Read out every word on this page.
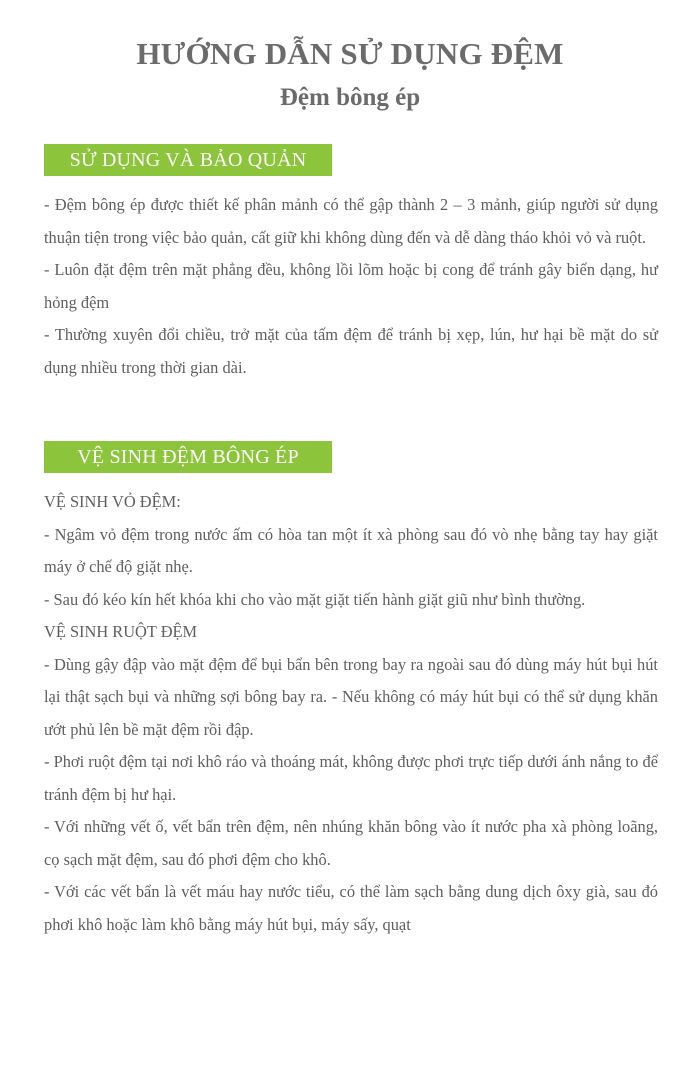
HƯỚNG DẪN SỬ DỤNG ĐỆM
Đệm bông ép
SỬ DỤNG VÀ BẢO QUẢN

- Đệm bông ép được thiết kế phân mảnh có thể gập thành 2 – 3 mảnh, giúp người sử dụng thuận tiện trong việc bảo quản, cất giữ khi không dùng đến và dễ dàng tháo khỏi vỏ và ruột.

- Luôn đặt đệm trên mặt phẳng đều, không lồi lõm hoặc bị cong để tránh gây biến dạng, hư hỏng đệm

- Thường xuyên đổi chiều, trở mặt của tấm đệm để tránh bị xẹp, lún, hư hại bề mặt do sử dụng nhiều trong thời gian dài.

VỆ SINH ĐỆM BÔNG ÉP

VỆ SINH VỎ ĐỆM:

- Ngâm vỏ đệm trong nước ấm có hòa tan một ít xà phòng sau đó vò nhẹ bằng tay hay giặt máy ở chế độ giặt nhẹ.

- Sau đó kéo kín hết khóa khi cho vào mặt giặt tiến hành giặt giũ như bình thường.

VỆ SINH RUỘT ĐỆM

- Dùng gậy đập vào mặt đệm để bụi bẩn bên trong bay ra ngoài sau đó dùng máy hút bụi hút lại thật sạch bụi và những sợi bông bay ra. - Nếu không có máy hút bụi có thể sử dụng khăn ướt phủ lên bề mặt đệm rồi đập.

- Phơi ruột đệm tại nơi khô ráo và thoáng mát, không được phơi trực tiếp dưới ánh nắng to để tránh đệm bị hư hại.

- Với những vết ố, vết bẩn trên đệm, nên nhúng khăn bông vào ít nước pha xà phòng loãng, cọ sạch mặt đệm, sau đó phơi đệm cho khô.

- Với các vết bẩn là vết máu hay nước tiểu, có thể làm sạch bằng dung dịch ôxy già, sau đó phơi khô hoặc làm khô bằng máy hút bụi, máy sấy, quạt
